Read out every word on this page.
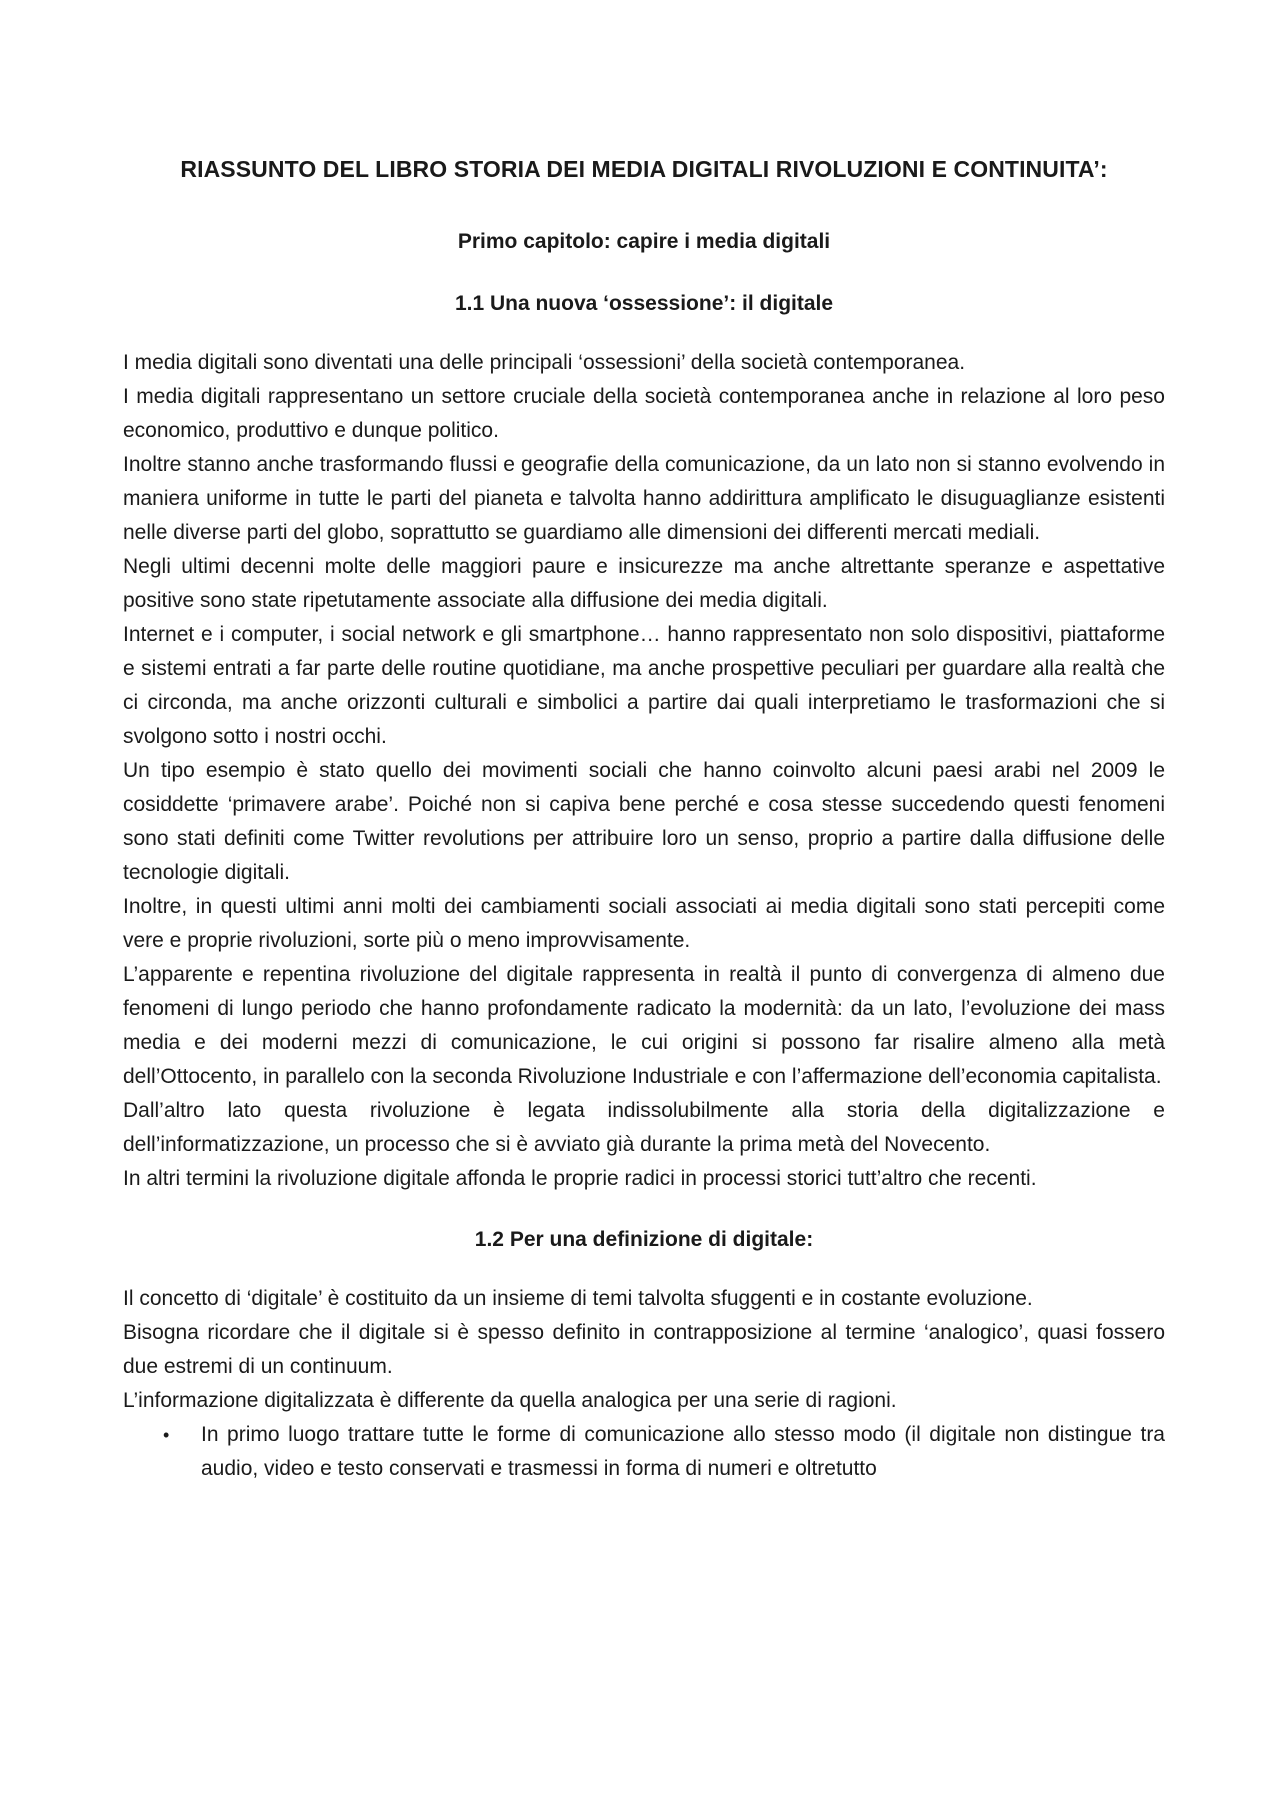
RIASSUNTO DEL LIBRO STORIA DEI MEDIA DIGITALI RIVOLUZIONI E CONTINUITA’:
Primo capitolo: capire i media digitali
1.1 Una nuova ‘ossessione’: il digitale

I media digitali sono diventati una delle principali ‘ossessioni’ della società contemporanea.

I media digitali rappresentano un settore cruciale della società contemporanea anche in relazione al loro peso economico, produttivo e dunque politico.

Inoltre stanno anche trasformando flussi e geografie della comunicazione, da un lato non si stanno evolvendo in maniera uniforme in tutte le parti del pianeta e talvolta hanno addirittura amplificato le disuguaglianze esistenti nelle diverse parti del globo, soprattutto se guardiamo alle dimensioni dei differenti mercati mediali.

Negli ultimi decenni molte delle maggiori paure e insicurezze ma anche altrettante speranze e aspettative positive sono state ripetutamente associate alla diffusione dei media digitali.

Internet e i computer, i social network e gli smartphone… hanno rappresentato non solo dispositivi, piattaforme e sistemi entrati a far parte delle routine quotidiane, ma anche prospettive peculiari per guardare alla realtà che ci circonda, ma anche orizzonti culturali e simbolici a partire dai quali interpretiamo le trasformazioni che si svolgono sotto i nostri occhi.

Un tipo esempio è stato quello dei movimenti sociali che hanno coinvolto alcuni paesi arabi nel 2009 le cosiddette ‘primavere arabe’. Poiché non si capiva bene perché e cosa stesse succedendo questi fenomeni sono stati definiti come Twitter revolutions per attribuire loro un senso, proprio a partire dalla diffusione delle tecnologie digitali.

Inoltre, in questi ultimi anni molti dei cambiamenti sociali associati ai media digitali sono stati percepiti come vere e proprie rivoluzioni, sorte più o meno improvvisamente.

L’apparente e repentina rivoluzione del digitale rappresenta in realtà il punto di convergenza di almeno due fenomeni di lungo periodo che hanno profondamente radicato la modernità: da un lato, l’evoluzione dei mass media e dei moderni mezzi di comunicazione, le cui origini si possono far risalire almeno alla metà dell’Ottocento, in parallelo con la seconda Rivoluzione Industriale e con l’affermazione dell’economia capitalista.

Dall’altro lato questa rivoluzione è legata indissolubilmente alla storia della digitalizzazione e dell’informatizzazione, un processo che si è avviato già durante la prima metà del Novecento.

In altri termini la rivoluzione digitale affonda le proprie radici in processi storici tutt’altro che recenti.

1.2 Per una definizione di digitale:

Il concetto di ‘digitale’ è costituito da un insieme di temi talvolta sfuggenti e in costante evoluzione.

Bisogna ricordare che il digitale si è spesso definito in contrapposizione al termine ‘analogico’, quasi fossero due estremi di un continuum.

L’informazione digitalizzata è differente da quella analogica per una serie di ragioni.

• In primo luogo trattare tutte le forme di comunicazione allo stesso modo (il digitale non distingue tra audio, video e testo conservati e trasmessi in forma di numeri e oltretutto
